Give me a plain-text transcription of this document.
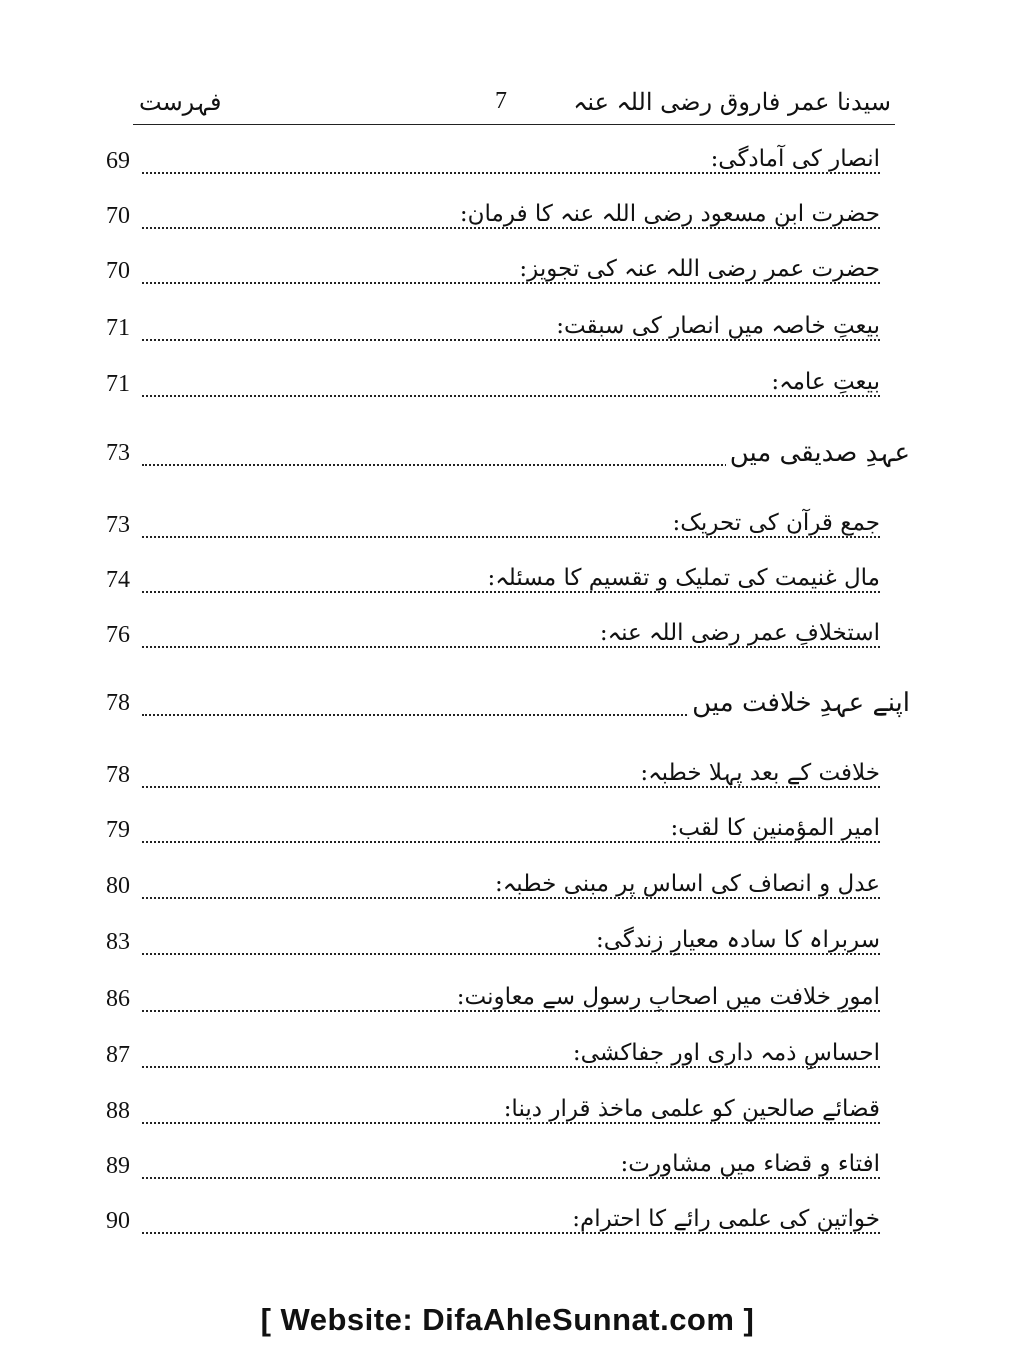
فہرست	7	سیدنا عمر فاروق رضی اللہ عنہ
انصار کی آمادگی:
69
حضرت ابن مسعود رضی اللہ عنہ کا فرمان:
70
حضرت عمر رضی اللہ عنہ کی تجویز:
70
بیعتِ خاصہ میں انصار کی سبقت:
71
بیعتِ عامہ:
71
عہدِ صدیقی میں
73
جمع قرآن کی تحریک:
73
مال غنیمت کی تملیک و تقسیم کا مسئلہ:
74
استخلافِ عمر رضی اللہ عنہ:
76
اپنے عہدِ خلافت میں
78
خلافت کے بعد پہلا خطبہ:
78
امیر المؤمنین کا لقب:
79
عدل و انصاف کی اساس پر مبنی خطبہ:
80
سربراہ کا سادہ معیارِ زندگی:
83
امورِ خلافت میں اصحابِ رسول سے معاونت:
86
احساسِ ذمہ داری اور جفاکشی:
87
قضائے صالحین کو علمی ماخذ قرار دینا:
88
افتاء و قضاء میں مشاورت:
89
خواتین کی علمی رائے کا احترام:
90
[ Website: DifaAhleSunnat.com ]
